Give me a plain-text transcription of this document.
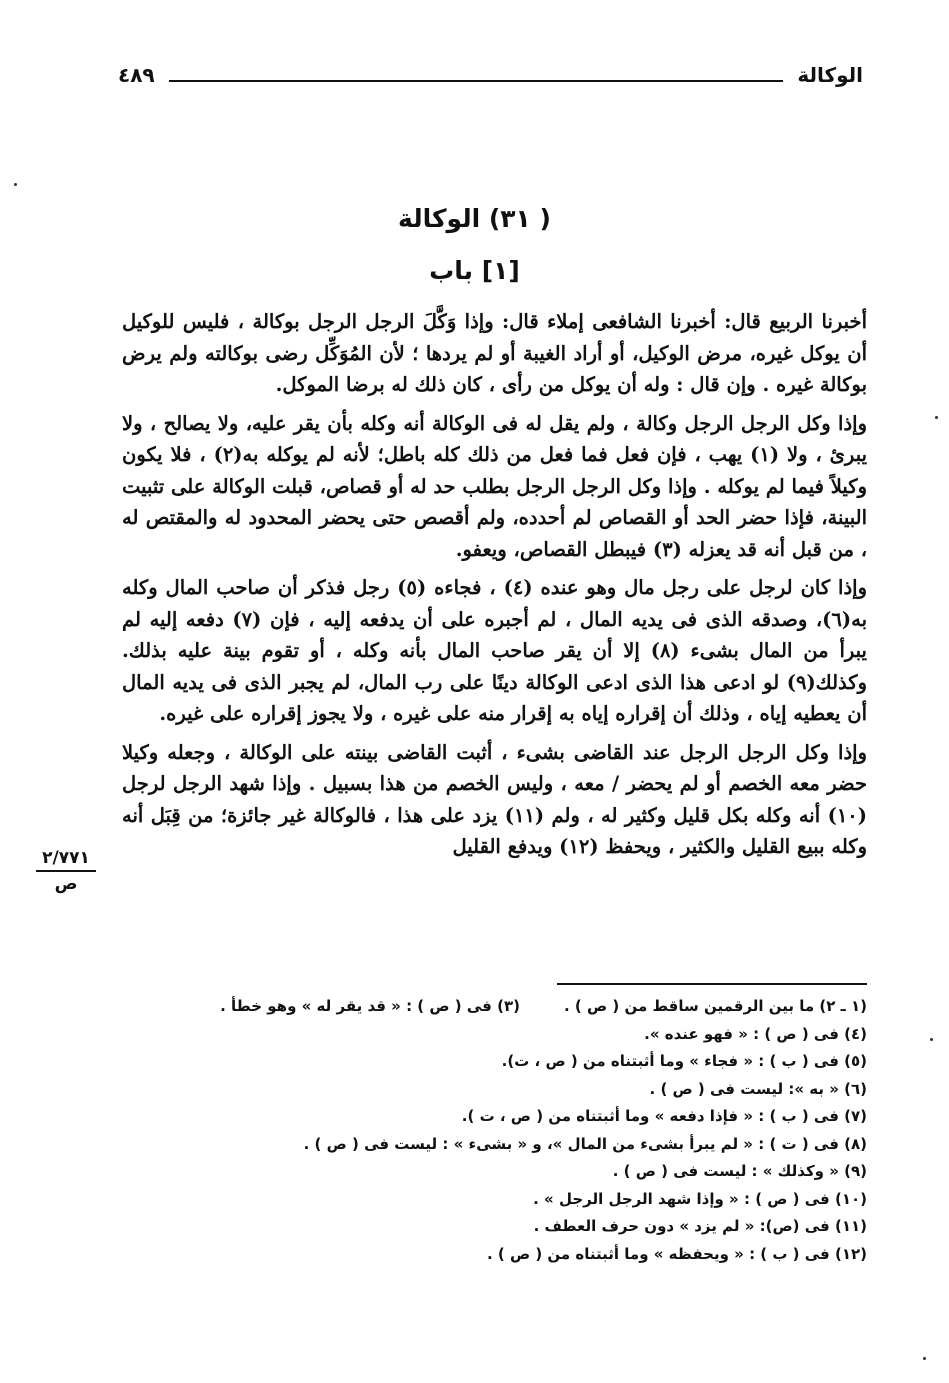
الوكالة
٤٨٩
( ٣١) الوكالة
[١] باب

أخبرنا الربيع قال: أخبرنا الشافعى إملاء قال: وإذا وَكَّلَ الرجل الرجل بوكالة ، فليس للوكيل أن يوكل غيره، مرض الوكيل، أو أراد الغيبة أو لم يردها ؛ لأن المُوَكِّل رضى بوكالته ولم يرض بوكالة غيره . وإن قال : وله أن يوكل من رأى ، كان ذلك له برضا الموكل.

وإذا وكل الرجل الرجل وكالة ، ولم يقل له فى الوكالة أنه وكله بأن يقر عليه، ولا يصالح ، ولا يبرئ ، ولا (١) يهب ، فإن فعل فما فعل من ذلك كله باطل؛ لأنه لم يوكله به(٢) ، فلا يكون وكيلاً فيما لم يوكله . وإذا وكل الرجل الرجل بطلب حد له أو قصاص، قبلت الوكالة على تثبيت البينة، فإذا حضر الحد أو القصاص لم أحدده، ولم أقصص حتى يحضر المحدود له والمقتص له ، من قبل أنه قد يعزله (٣) فيبطل القصاص، ويعفو.

وإذا كان لرجل على رجل مال وهو عنده (٤) ، فجاءه (٥) رجل فذكر أن صاحب المال وكله به(٦)، وصدقه الذى فى يديه المال ، لم أجبره على أن يدفعه إليه ، فإن (٧) دفعه إليه لم يبرأ من المال بشىء (٨) إلا أن يقر صاحب المال بأنه وكله ، أو تقوم بينة عليه بذلك. وكذلك(٩) لو ادعى هذا الذى ادعى الوكالة دينًا على رب المال، لم يجبر الذى فى يديه المال أن يعطيه إياه ، وذلك أن إقراره إياه به إقرار منه على غيره ، ولا يجوز إقراره على غيره.

وإذا وكل الرجل الرجل عند القاضى بشىء ، أثبت القاضى بينته على الوكالة ، وجعله وكيلا حضر معه الخصم أو لم يحضر / معه ، وليس الخصم من هذا بسبيل . وإذا شهد الرجل لرجل (١٠) أنه وكله بكل قليل وكثير له ، ولم (١١) يزد على هذا ، فالوكالة غير جائزة؛ من قِبَل أنه وكله ببيع القليل والكثير ، ويحفظ (١٢) ويدفع القليل

٢/٧٧١
ص
(١ ـ ٢) ما بين الرقمين ساقط من ( ص ) .
(٣) فى ( ص ) : « قد يقر له » وهو خطأ .
(٤) فى ( ص ) : « فهو عنده ».
(٥) فى ( ب ) : « فجاء » وما أثبتناه من ( ص ، ت).
(٦) « به »: ليست فى ( ص ) .
(٧) فى ( ب ) : « فإذا دفعه » وما أثبتناه من ( ص ، ت ).
(٨) فى ( ت ) : « لم يبرأ بشىء من المال »، و « بشىء » : ليست فى ( ص ) .
(٩) « وكذلك » : ليست فى ( ص ) .
(١٠) فى ( ص ) : « وإذا شهد الرجل الرجل » .
(١١) فى (ص): « لم يزد » دون حرف العطف .
(١٢) فى ( ب ) : « ويحفظه » وما أثبتناه من ( ص ) .
